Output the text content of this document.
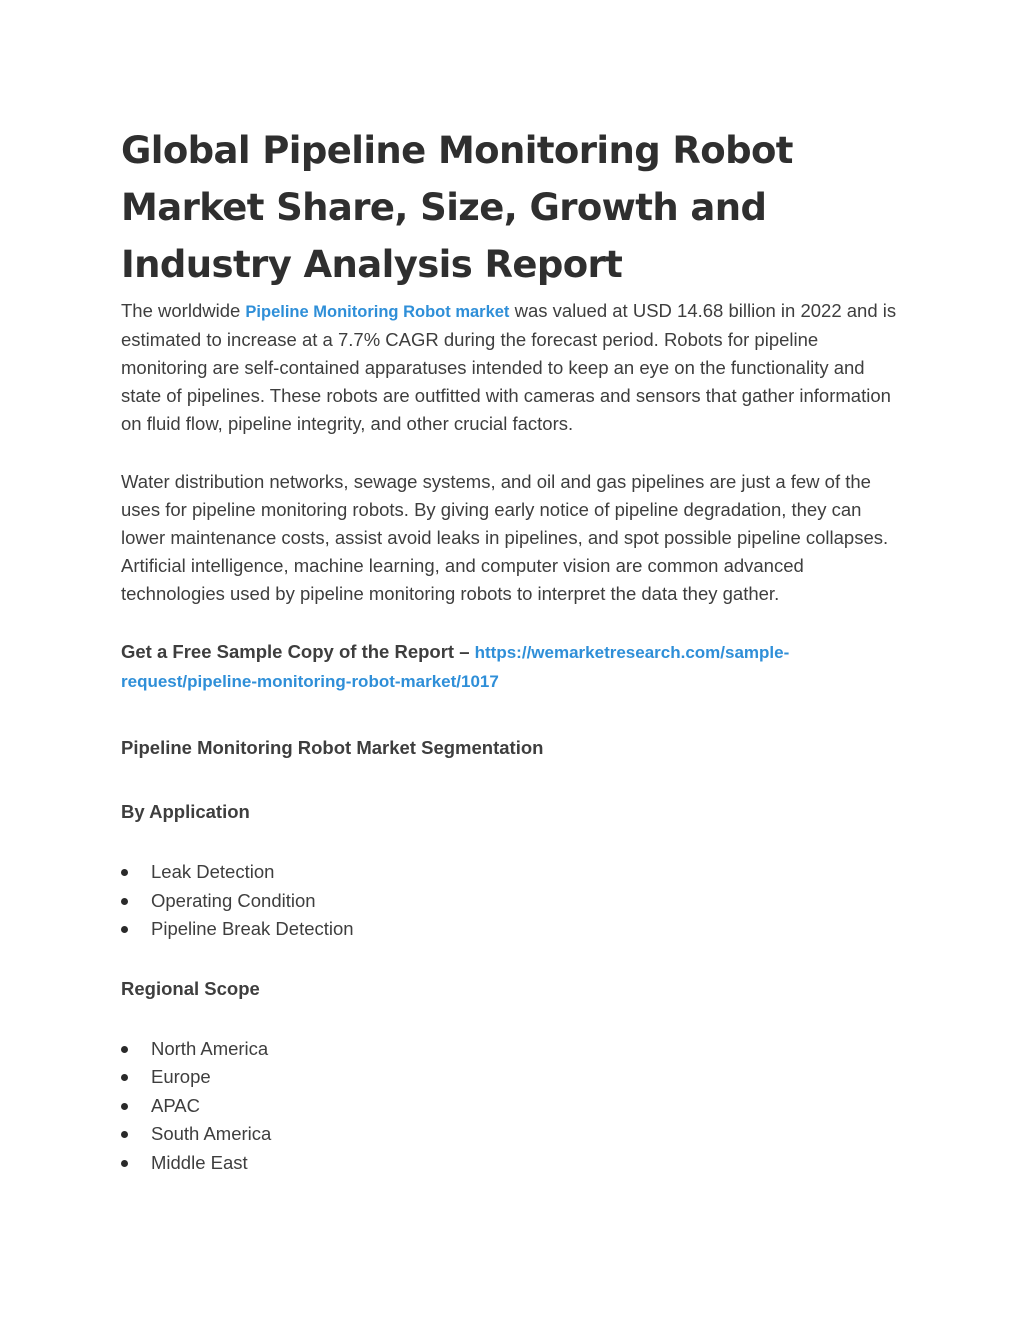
Global Pipeline Monitoring Robot Market Share, Size, Growth and Industry Analysis Report

The worldwide Pipeline Monitoring Robot market was valued at USD 14.68 billion in 2022 and is estimated to increase at a 7.7% CAGR during the forecast period. Robots for pipeline monitoring are self-contained apparatuses intended to keep an eye on the functionality and state of pipelines. These robots are outfitted with cameras and sensors that gather information on fluid flow, pipeline integrity, and other crucial factors.

Water distribution networks, sewage systems, and oil and gas pipelines are just a few of the uses for pipeline monitoring robots. By giving early notice of pipeline degradation, they can lower maintenance costs, assist avoid leaks in pipelines, and spot possible pipeline collapses. Artificial intelligence, machine learning, and computer vision are common advanced technologies used by pipeline monitoring robots to interpret the data they gather.

Get a Free Sample Copy of the Report – https://wemarketresearch.com/sample-request/pipeline-monitoring-robot-market/1017

Pipeline Monitoring Robot Market Segmentation

By Application

Leak Detection
Operating Condition
Pipeline Break Detection

Regional Scope

North America
Europe
APAC
South America
Middle East
